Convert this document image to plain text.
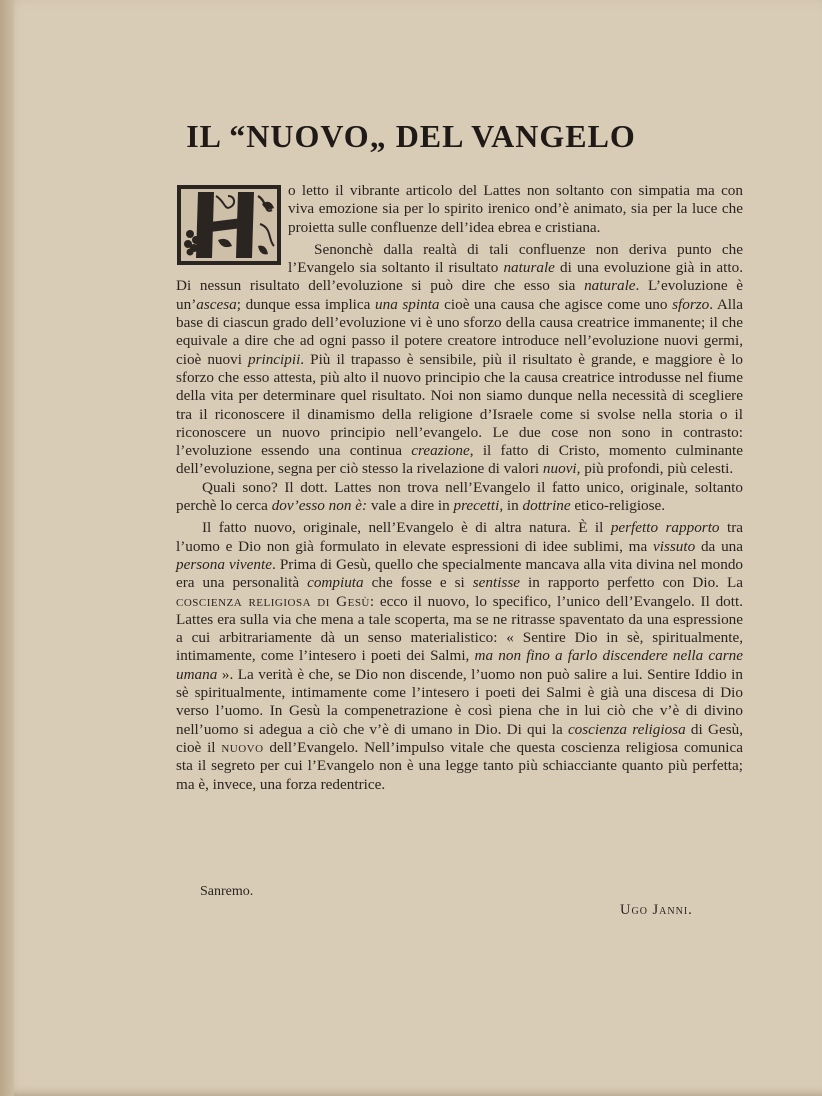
IL “NUOVO„ DEL VANGELO

o letto il vibrante articolo del Lattes non soltanto con simpatia ma con viva emozione sia per lo spirito irenico ond’è animato, sia per la luce che proietta sulle confluenze dell’idea ebrea e cristiana.

Senonchè dalla realtà di tali confluenze non deriva punto che l’Evangelo sia soltanto il risultato naturale di una evoluzione già in atto. Di nessun risultato dell’evoluzione si può dire che esso sia naturale. L’evoluzione è un’ascesa; dunque essa implica una spinta cioè una causa che agisce come uno sforzo. Alla base di ciascun grado dell’evoluzione vi è uno sforzo della causa creatrice immanente; il che equivale a dire che ad ogni passo il potere creatore introduce nell’evoluzione nuovi germi, cioè nuovi principii. Più il trapasso è sensibile, più il risultato è grande, e maggiore è lo sforzo che esso attesta, più alto il nuovo principio che la causa creatrice introdusse nel fiume della vita per determinare quel risultato. Noi non siamo dunque nella necessità di scegliere tra il riconoscere il dinamismo della religione d’Israele come si svolse nella storia o il riconoscere un nuovo principio nell’evangelo. Le due cose non sono in contrasto: l’evoluzione essendo una continua creazione, il fatto di Cristo, momento culminante dell’evoluzione, segna per ciò stesso la rivelazione di valori nuovi, più profondi, più celesti.

Quali sono? Il dott. Lattes non trova nell’Evangelo il fatto unico, originale, soltanto perchè lo cerca dov’esso non è: vale a dire in precetti, in dottrine etico-religiose.

Il fatto nuovo, originale, nell’Evangelo è di altra natura. È il perfetto rapporto tra l’uomo e Dio non già formulato in elevate espressioni di idee sublimi, ma vissuto da una persona vivente. Prima di Gesù, quello che specialmente mancava alla vita divina nel mondo era una personalità compiuta che fosse e si sentisse in rapporto perfetto con Dio. La coscienza religiosa di Gesù: ecco il nuovo, lo specifico, l’unico dell’Evangelo. Il dott. Lattes era sulla via che mena a tale scoperta, ma se ne ritrasse spaventato da una espressione a cui arbitrariamente dà un senso materialistico: « Sentire Dio in sè, spiritualmente, intimamente, come l’intesero i poeti dei Salmi, ma non fino a farlo discendere nella carne umana ». La verità è che, se Dio non discende, l’uomo non può salire a lui. Sentire Iddio in sè spiritualmente, intimamente come l’intesero i poeti dei Salmi è già una discesa di Dio verso l’uomo. In Gesù la compenetrazione è così piena che in lui ciò che v’è di divino nell’uomo si adegua a ciò che v’è di umano in Dio. Di qui la coscienza religiosa di Gesù, cioè il nuovo dell’Evangelo. Nell’impulso vitale che questa coscienza religiosa comunica sta il segreto per cui l’Evangelo non è una legge tanto più schiacciante quanto più perfetta; ma è, invece, una forza redentrice.

Sanremo.
Ugo Janni.
